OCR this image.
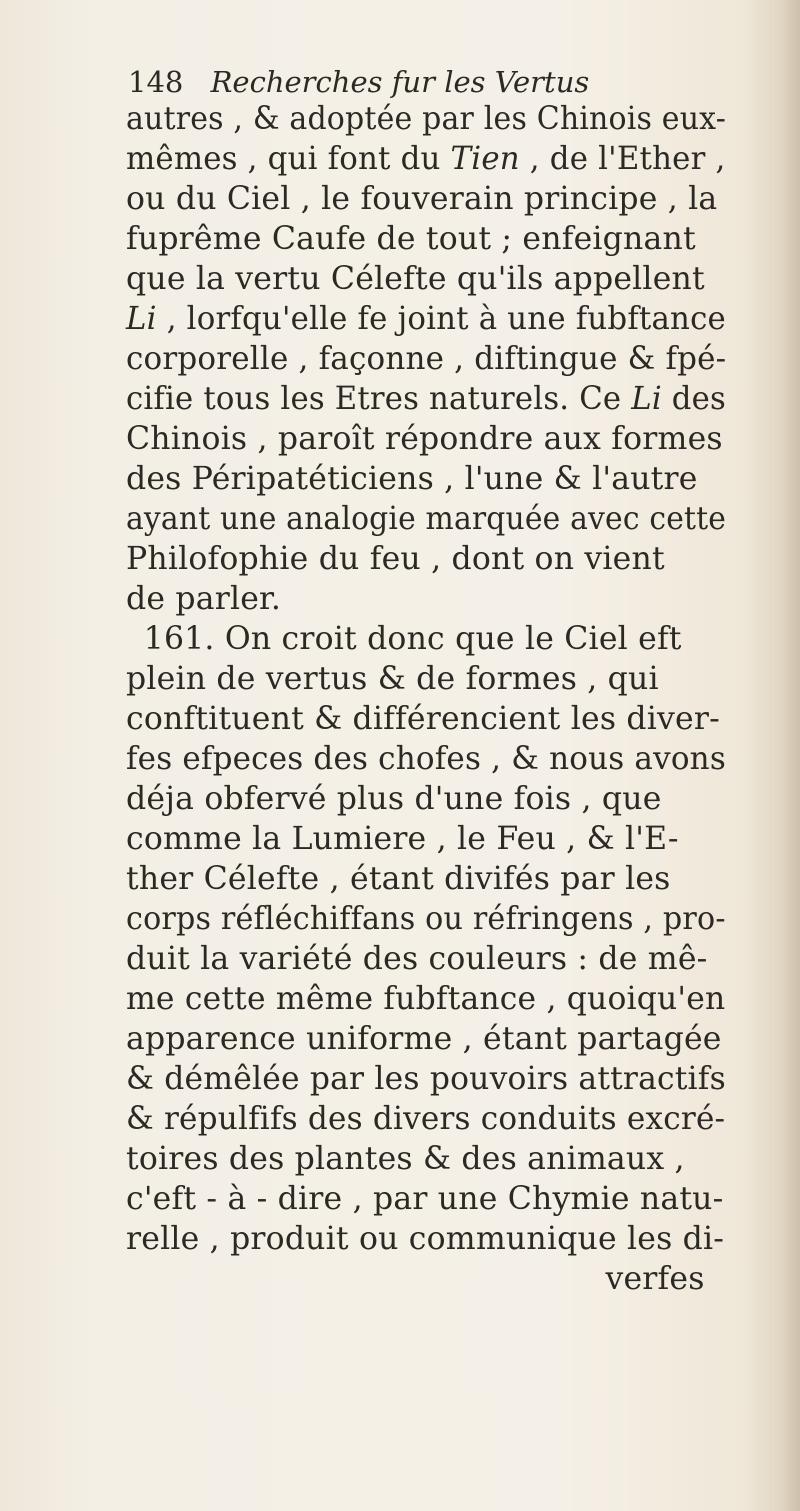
148 Recherches fur les Vertus
autres , & adoptée par les Chinois eux-
mêmes , qui font du Tien , de l'Ether ,
ou du Ciel , le fouverain principe , la
fuprême Caufe de tout ; enfeignant
que la vertu Célefte qu'ils appellent
Li , lorfqu'elle fe joint à une fubftance
corporelle , façonne , diftingue & fpé-
cifie tous les Etres naturels. Ce Li des
Chinois , paroît répondre aux formes
des Péripatéticiens , l'une & l'autre
ayant une analogie marquée avec cette
Philofophie du feu , dont on vient
de parler.
161. On croit donc que le Ciel eft
plein de vertus & de formes , qui
conftituent & différencient les diver-
fes efpeces des chofes , & nous avons
déja obfervé plus d'une fois , que
comme la Lumiere , le Feu , & l'E-
ther Célefte , étant divifés par les
corps réfléchiffans ou réfringens , pro-
duit la variété des couleurs : de mê-
me cette même fubftance , quoiqu'en
apparence uniforme , étant partagée
& démêlée par les pouvoirs attractifs
& répulfifs des divers conduits excré-
toires des plantes & des animaux ,
c'eft - à - dire , par une Chymie natu-
relle , produit ou communique les di-
verfes
